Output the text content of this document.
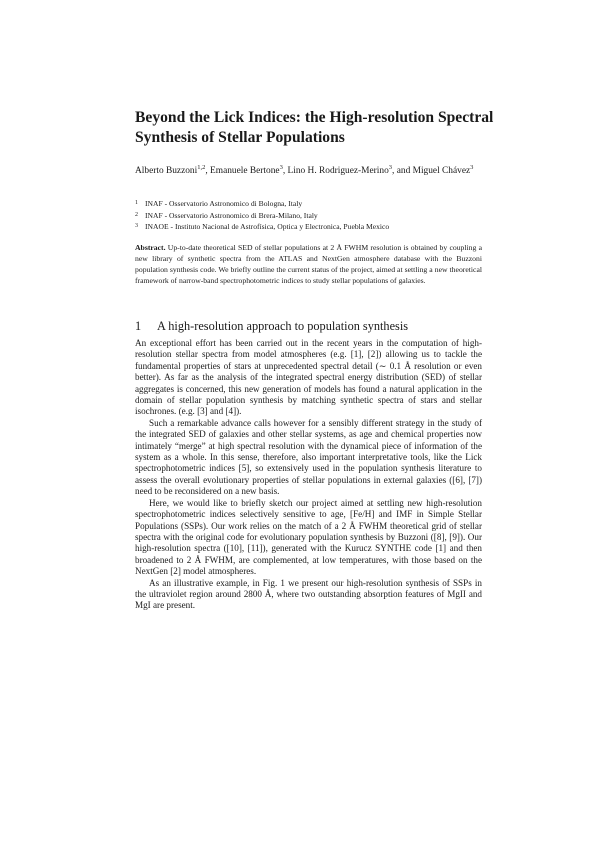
Beyond the Lick Indices: the High-resolution Spectral Synthesis of Stellar Populations
Alberto Buzzoni$^{1,2}$, Emanuele Bertone$^3$, Lino H. Rodriguez-Merino$^3$, and Miguel Chávez$^3$
1 INAF - Osservatorio Astronomico di Bologna, Italy
2 INAF - Osservatorio Astronomico di Brera-Milano, Italy
3 INAOE - Instituto Nacional de Astrofísica, Optica y Electronica, Puebla Mexico
Abstract. Up-to-date theoretical SED of stellar populations at 2 Å FWHM resolution is obtained by coupling a new library of synthetic spectra from the ATLAS and NextGen atmosphere database with the Buzzoni population synthesis code. We briefly outline the current status of the project, aimed at settling a new theoretical framework of narrow-band spectrophotometric indices to study stellar populations of galaxies.
1 A high-resolution approach to population synthesis

An exceptional effort has been carried out in the recent years in the computation of high-resolution stellar spectra from model atmospheres (e.g. [1], [2]) allowing us to tackle the fundamental properties of stars at unprecedented spectral detail (∼ 0.1 Å resolution or even better). As far as the analysis of the integrated spectral energy distribution (SED) of stellar aggregates is concerned, this new generation of models has found a natural application in the domain of stellar population synthesis by matching synthetic spectra of stars and stellar isochrones. (e.g. [3] and [4]).

Such a remarkable advance calls however for a sensibly different strategy in the study of the integrated SED of galaxies and other stellar systems, as age and chemical properties now intimately “merge” at high spectral resolution with the dynamical piece of information of the system as a whole. In this sense, therefore, also important interpretative tools, like the Lick spectrophotometric indices [5], so extensively used in the population synthesis literature to assess the overall evolutionary properties of stellar populations in external galaxies ([6], [7]) need to be reconsidered on a new basis.

Here, we would like to briefly sketch our project aimed at settling new high-resolution spectrophotometric indices selectively sensitive to age, [Fe/H] and IMF in Simple Stellar Populations (SSPs). Our work relies on the match of a 2 Å FWHM theoretical grid of stellar spectra with the original code for evolutionary population synthesis by Buzzoni ([8], [9]). Our high-resolution spectra ([10], [11]), generated with the Kurucz SYNTHE code [1] and then broadened to 2 Å FWHM, are complemented, at low temperatures, with those based on the NextGen [2] model atmospheres.

As an illustrative example, in Fig. 1 we present our high-resolution synthesis of SSPs in the ultraviolet region around 2800 Å, where two outstanding absorption features of MgII and MgI are present.
